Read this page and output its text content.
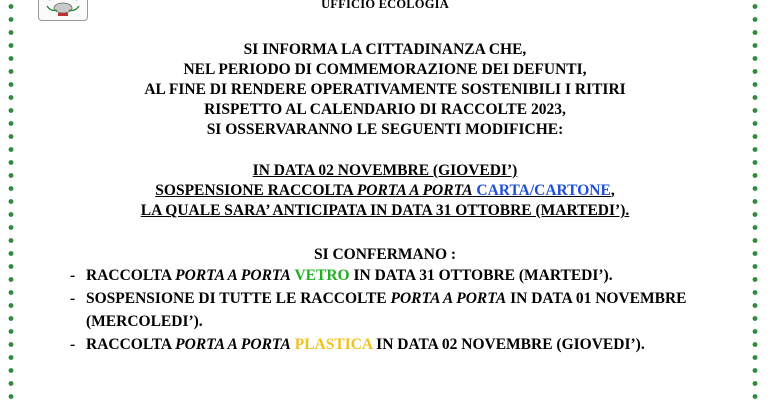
UFFICIO ECOLOGIA
SI INFORMA LA CITTADINANZA CHE,
NEL PERIODO DI COMMEMORAZIONE DEI DEFUNTI,
AL FINE DI RENDERE OPERATIVAMENTE SOSTENIBILI I RITIRI
RISPETTO AL CALENDARIO DI RACCOLTE 2023,
SI OSSERVARANNO LE SEGUENTI MODIFICHE:
IN DATA 02 NOVEMBRE (GIOVEDI’)
SOSPENSIONE RACCOLTA PORTA A PORTA CARTA/CARTONE,
LA QUALE SARA’ ANTICIPATA IN DATA 31 OTTOBRE (MARTEDI’).
SI CONFERMANO :
- RACCOLTA PORTA A PORTA VETRO IN DATA 31 OTTOBRE (MARTEDI’).
- SOSPENSIONE DI TUTTE LE RACCOLTE PORTA A PORTA IN DATA 01 NOVEMBRE
(MERCOLEDI’).
- RACCOLTA PORTA A PORTA PLASTICA IN DATA 02 NOVEMBRE (GIOVEDI’).
